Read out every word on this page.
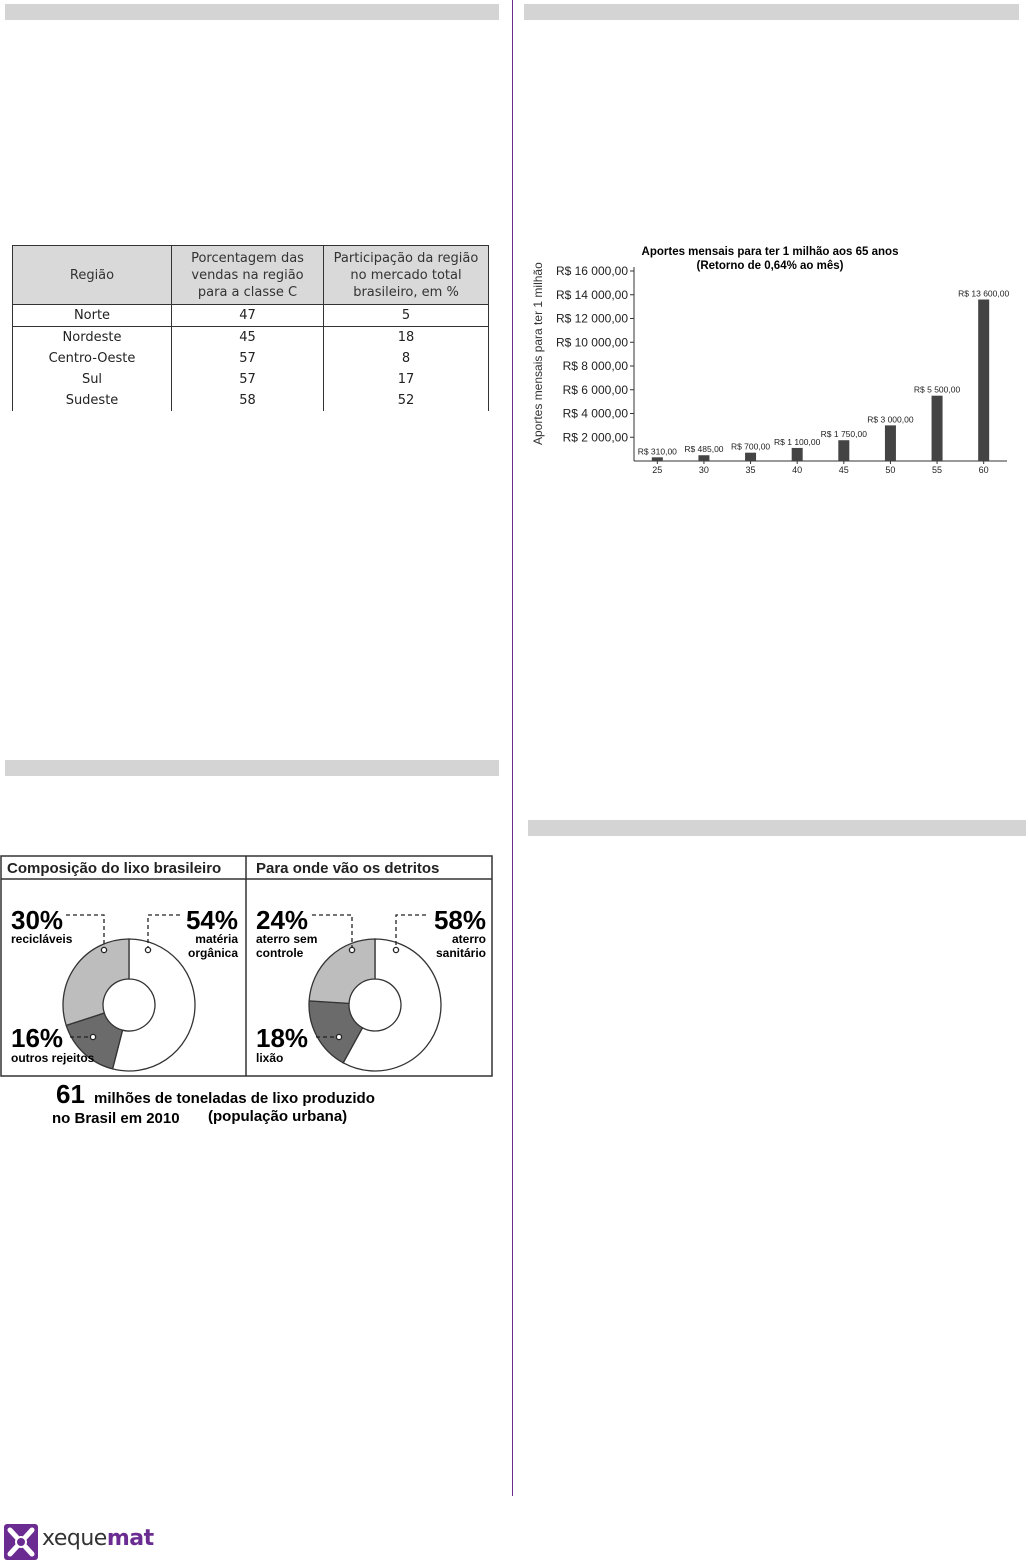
Região	Porcentagem das vendas na região para a classe C	Participação da região no mercado total brasileiro, em %
Norte	47	5
Nordeste	45	18
Centro-Oeste	57	8
Sul	57	17
Sudeste	58	52
Aportes mensais para ter 1 milhão aos 65 anos
(Retorno de 0,64% ao mês)
Aportes mensais para ter 1 milhão R$ 2 000,00
R$ 4 000,00
R$ 6 000,00
R$ 8 000,00
R$ 10 000,00
R$ 12 000,00
R$ 14 000,00
R$ 16 000,00
25
R$ 310,00
30
R$ 485,00
35
R$ 700,00
40
R$ 1 100,00
45
R$ 1 750,00
50
R$ 3 000,00
55
R$ 5 500,00
60
R$ 13 600,00
Composição do lixo brasileiro Para onde vão os detritos
30%
recicláveis
54%
matéria
orgânica
16%
outros rejeitos
24%
aterro sem
controle
58%
aterro
sanitário
18%
lixão
61 milhões de toneladas de lixo produzido
no Brasil em 2010 (população urbana)
xequemat
